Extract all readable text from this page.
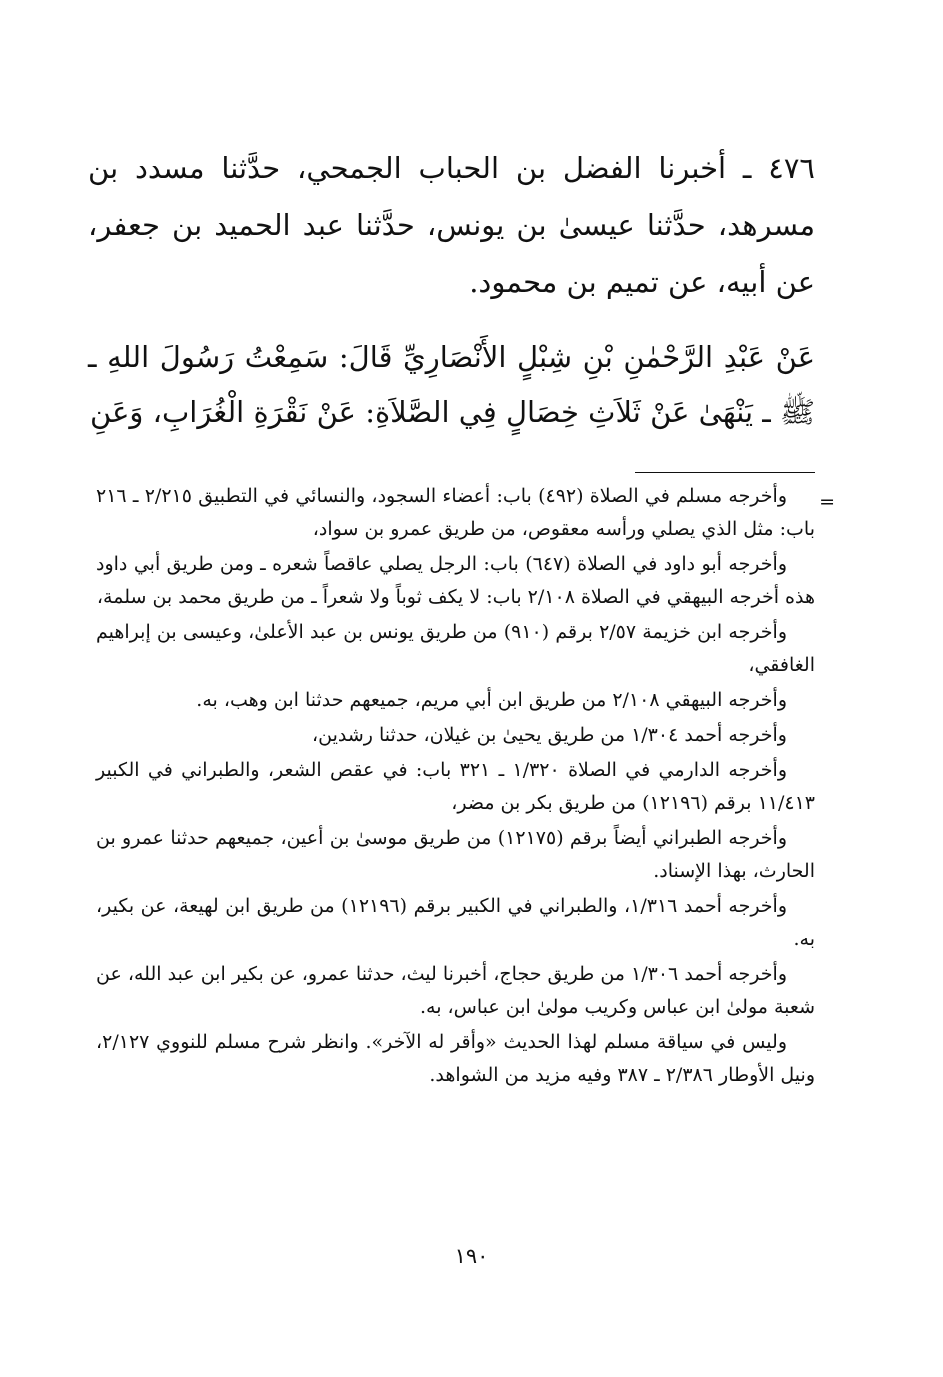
٤٧٦ ـ أخبرنا الفضل بن الحباب الجمحي، حدَّثنا مسدد بن مسرهد، حدَّثنا عيسىٰ بن يونس، حدَّثنا عبد الحميد بن جعفر، عن أبيه، عن تميم بن محمود.

عَنْ عَبْدِ الرَّحْمٰنِ بْنِ شِبْلٍ الأَنْصَارِيِّ قَالَ: سَمِعْتُ رَسُولَ اللهِ ـ ﷺ ـ يَنْهَىٰ عَنْ ثَلاَثِ خِصَالٍ فِي الصَّلاَةِ: عَنْ نَقْرَةِ الْغُرَابِ، وَعَنِ

=

وأخرجه مسلم في الصلاة (٤٩٢) باب: أعضاء السجود، والنسائي في التطبيق ٢/٢١٥ ـ ٢١٦ باب: مثل الذي يصلي ورأسه معقوص، من طريق عمرو بن سواد،

وأخرجه أبو داود في الصلاة (٦٤٧) باب: الرجل يصلي عاقصاً شعره ـ ومن طريق أبي داود هذه أخرجه البيهقي في الصلاة ٢/١٠٨ باب: لا يكف ثوباً ولا شعراً ـ من طريق محمد بن سلمة،

وأخرجه ابن خزيمة ٢/٥٧ برقم (٩١٠) من طريق يونس بن عبد الأعلىٰ، وعيسى بن إبراهيم الغافقي،

وأخرجه البيهقي ٢/١٠٨ من طريق ابن أبي مريم، جميعهم حدثنا ابن وهب، به.

وأخرجه أحمد ١/٣٠٤ من طريق يحيىٰ بن غيلان، حدثنا رشدين،

وأخرجه الدارمي في الصلاة ١/٣٢٠ ـ ٣٢١ باب: في عقص الشعر، والطبراني في الكبير ١١/٤١٣ برقم (١٢١٩٦) من طريق بكر بن مضر،

وأخرجه الطبراني أيضاً برقم (١٢١٧٥) من طريق موسىٰ بن أعين، جميعهم حدثنا عمرو بن الحارث، بهذا الإسناد.

وأخرجه أحمد ١/٣١٦، والطبراني في الكبير برقم (١٢١٩٦) من طريق ابن لهيعة، عن بكير، به.

وأخرجه أحمد ١/٣٠٦ من طريق حجاج، أخبرنا ليث، حدثنا عمرو، عن بكير ابن عبد الله، عن شعبة مولىٰ ابن عباس وكريب مولىٰ ابن عباس، به.

وليس في سياقة مسلم لهذا الحديث «وأقر له الآخر». وانظر شرح مسلم للنووي ٢/١٢٧، ونيل الأوطار ٢/٣٨٦ ـ ٣٨٧ وفيه مزيد من الشواهد.

١٩٠
